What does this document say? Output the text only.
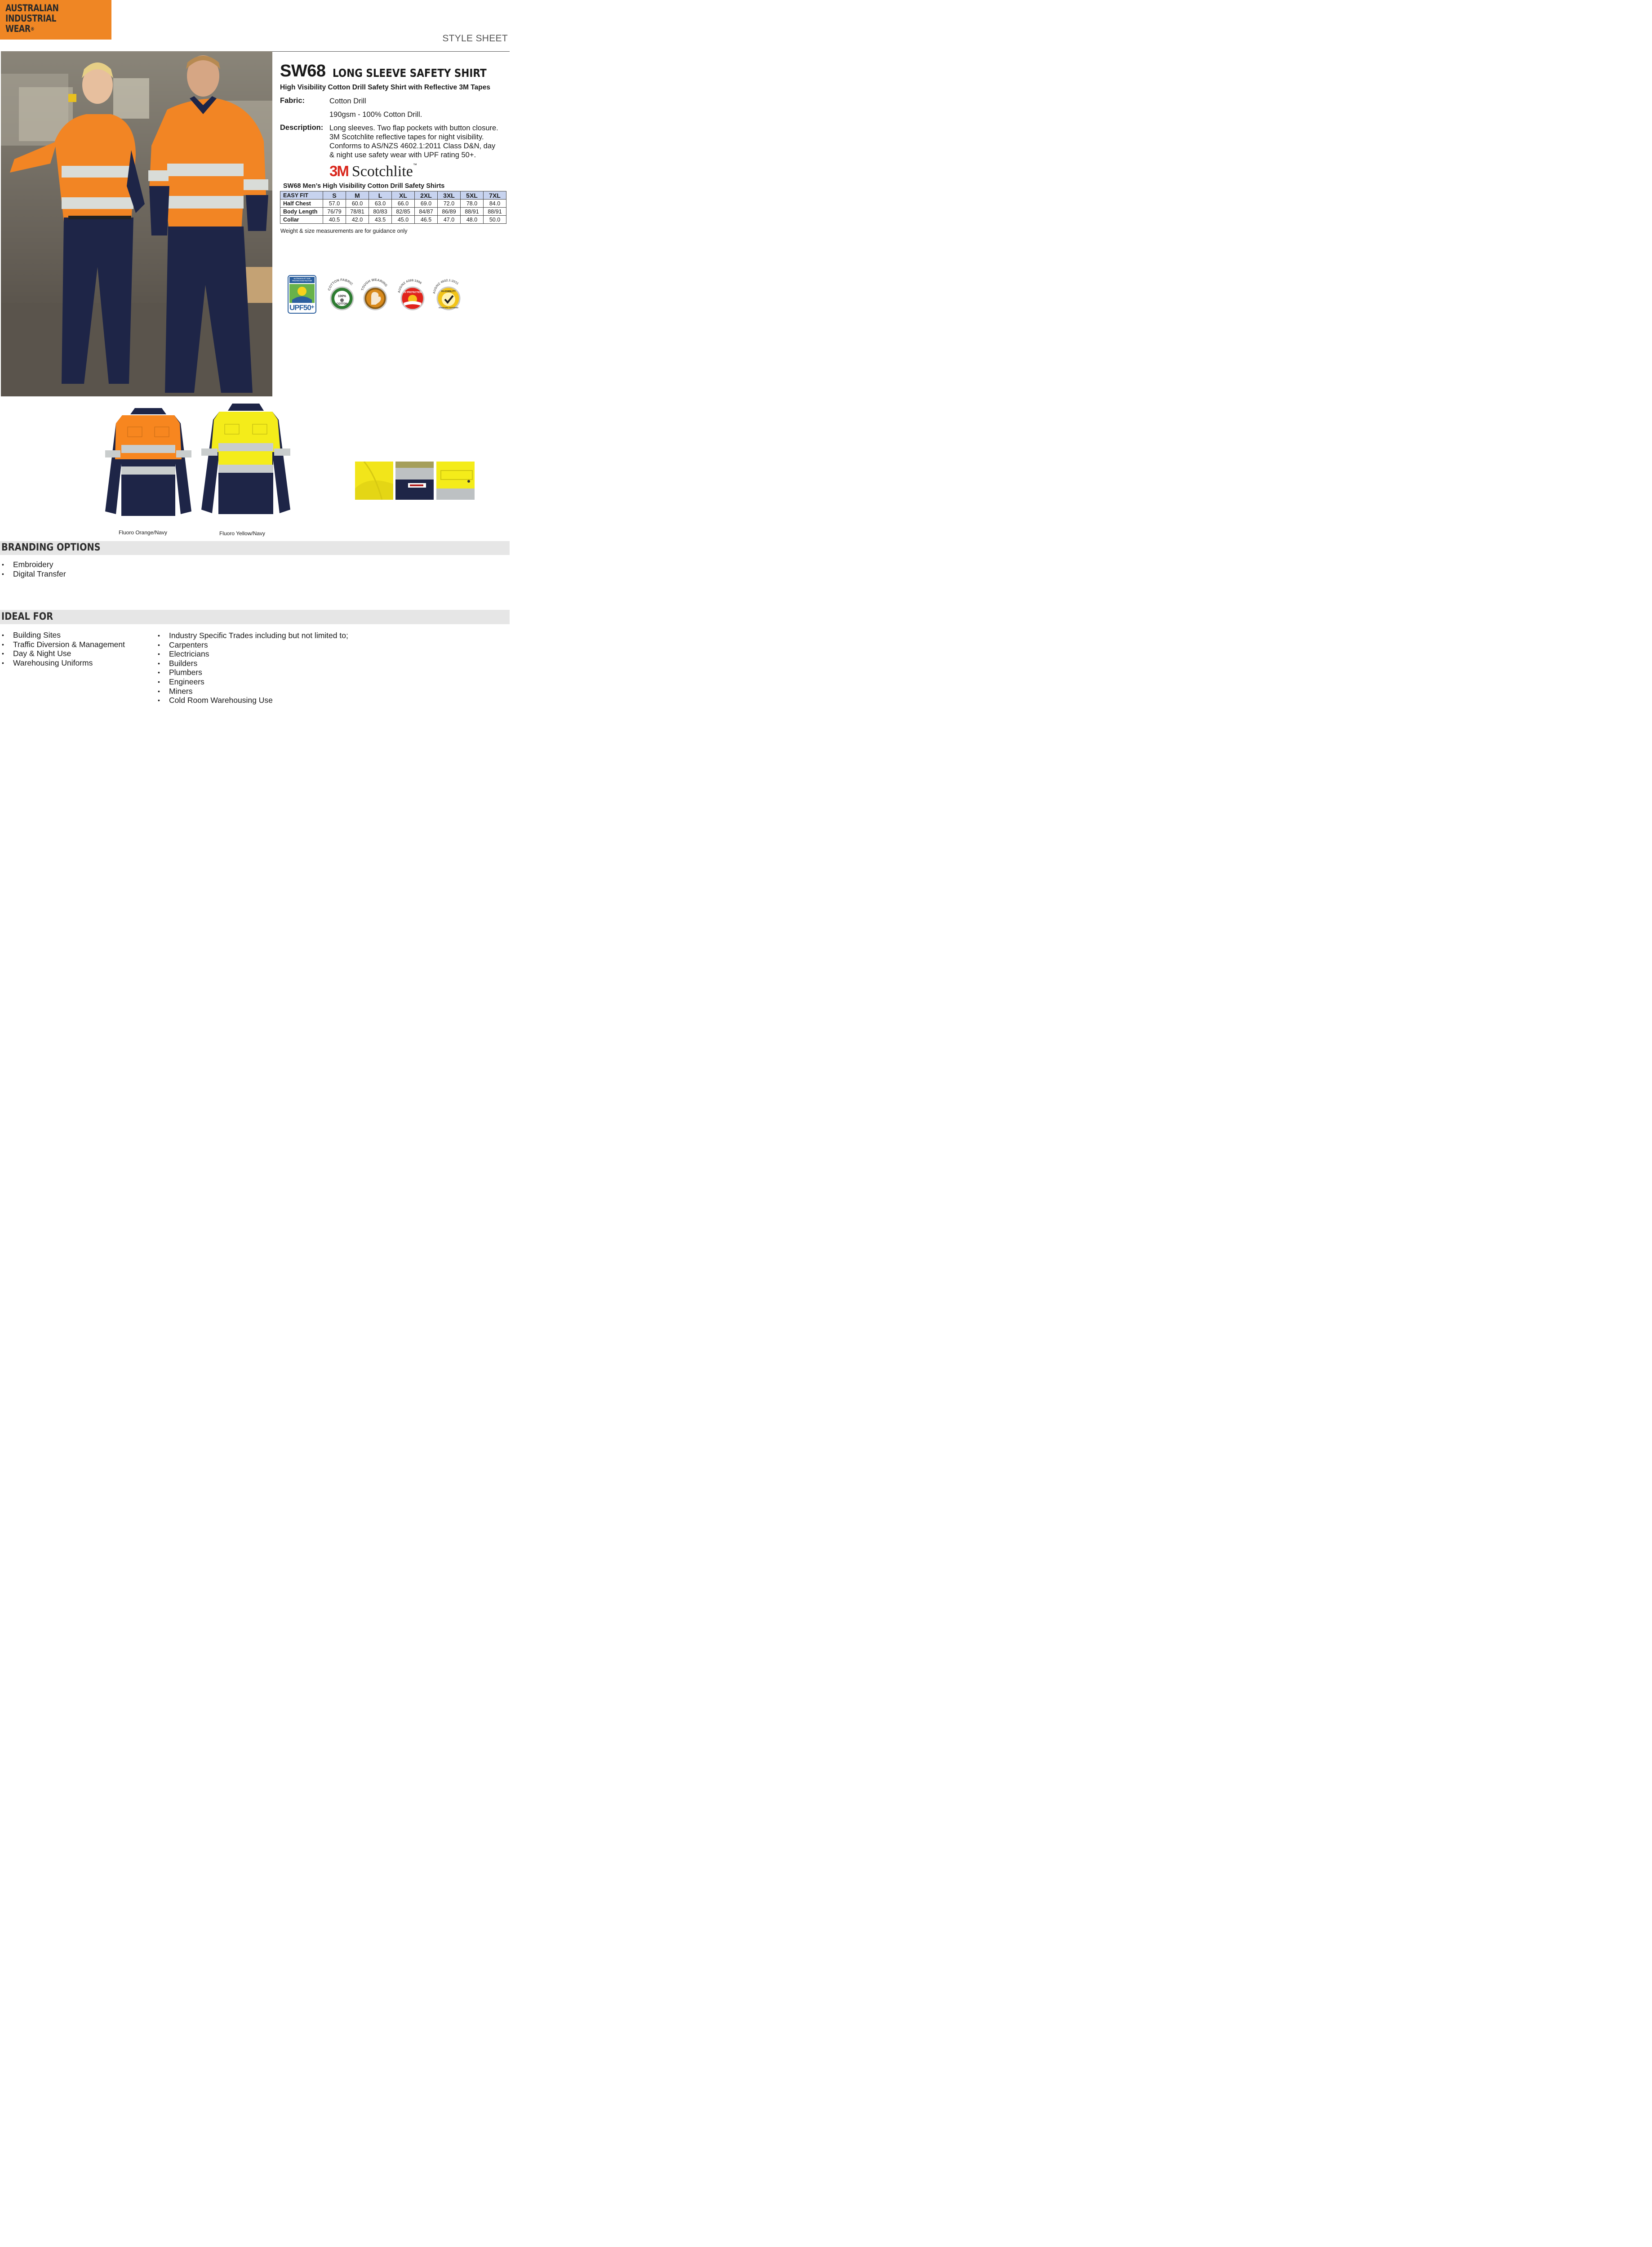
AUSTRALIAN
INDUSTRIAL
WEAR®
STYLE SHEET
SW68 LONG SLEEVE SAFETY SHIRT
High Visibility Cotton Drill Safety Shirt with Reflective 3M Tapes
Fabric:	Cotton Drill
190gsm - 100% Cotton Drill.
Description: Long sleeves. Two flap pockets with button closure.
3M Scotchlite reflective tapes for night visibility.
Conforms to AS/NZS 4602.1:2011 Class D&N, day
& night use safety wear with UPF rating 50+.
3M Scotchlite™
SW68 Men’s High Visibility Cotton Drill Safety Shirts
EASY FIT	S	M	L	XL	2XL	3XL	5XL	7XL
Half Chest	57.0	60.0	63.0	66.0	69.0	72.0	78.0	84.0
Body Length	76/79	78/81	80/83	82/85	84/87	86/89	88/91	88/91
Collar	40.5	42.0	43.5	45.0	46.5	47.0	48.0	50.0
Weight & size measurements are for guidance only
ULTRAVIOLET SUN PROTECTION FACTOR
UPF50+
COTTON FABRIC
100%
COTTON
TOUGH WEARING
AUS/NZ 4399:1996
UV PROTECTION	AUS/NZ 4602.1:2011
HI-VISIBILITY
STANDARD SATISFIED
Fluoro Orange/Navy	Fluoro Yellow/Navy
BRANDING OPTIONS
• Embroidery
• Digital Transfer
IDEAL FOR
• Building Sites
• Traffic Diversion & Management
• Day & Night Use
• Warehousing Uniforms
• Industry Specific Trades including but not limited to;
• Carpenters
• Electricians
• Builders
• Plumbers
• Engineers
• Miners
• Cold Room Warehousing Use
